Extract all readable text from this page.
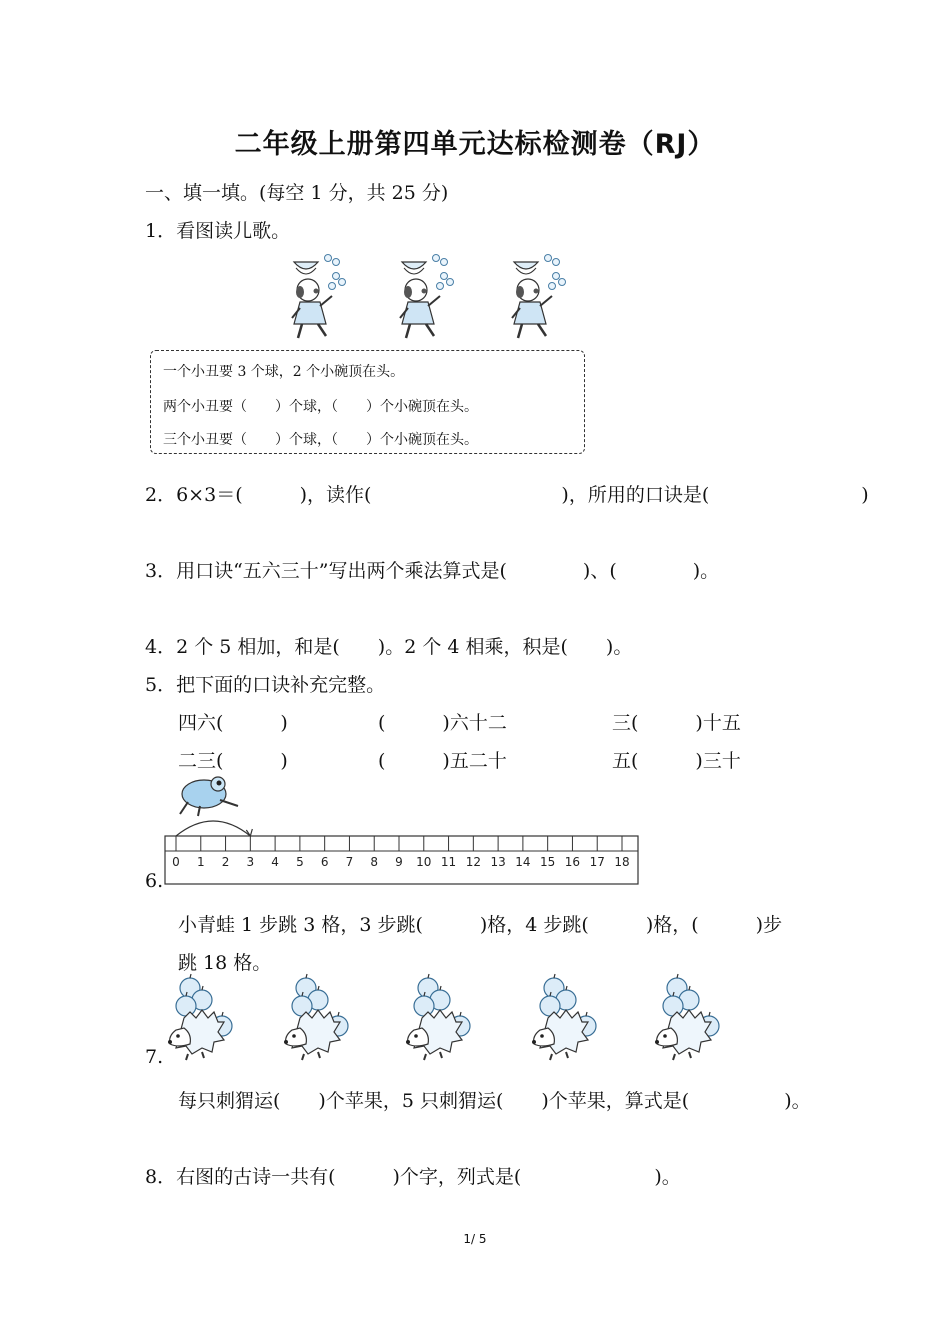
二年级上册第四单元达标检测卷（RJ）
一、填一填。(每空 1 分，共 25 分)
1．看图读儿歌。
一个小丑要 3 个球，2 个小碗顶在头。
两个小丑要（　　）个球，（　　）个小碗顶在头。
三个小丑要（　　）个球，（　　）个小碗顶在头。
2．6×3＝(　　　)，读作(　　　　　　　　　　)，所用的口诀是(　　　　　　　　)
3．用口诀“五六三十”写出两个乘法算式是(　　　　)、(　　　　)。
4．2 个 5 相加，和是(　　)。2 个 4 相乘，积是(　　)。
5．把下面的口诀补充完整。
四六(　　　)	(　　　)六十二	三(　　　)十五
二三(　　　)	(　　　)五二十	五(　　　)三十
0 1 2 3 4 5 6 7 8 9 10 11 12 13 14 15 16 17 18
6.
小青蛙 1 步跳 3 格，3 步跳(　　　)格，4 步跳(　　　)格，(　　　)步
跳 18 格。
7.
每只刺猬运(　　)个苹果，5 只刺猬运(　　)个苹果，算式是(　　　　　)。
8．右图的古诗一共有(　　　)个字，列式是(　　　　　　　)。
1/ 5
